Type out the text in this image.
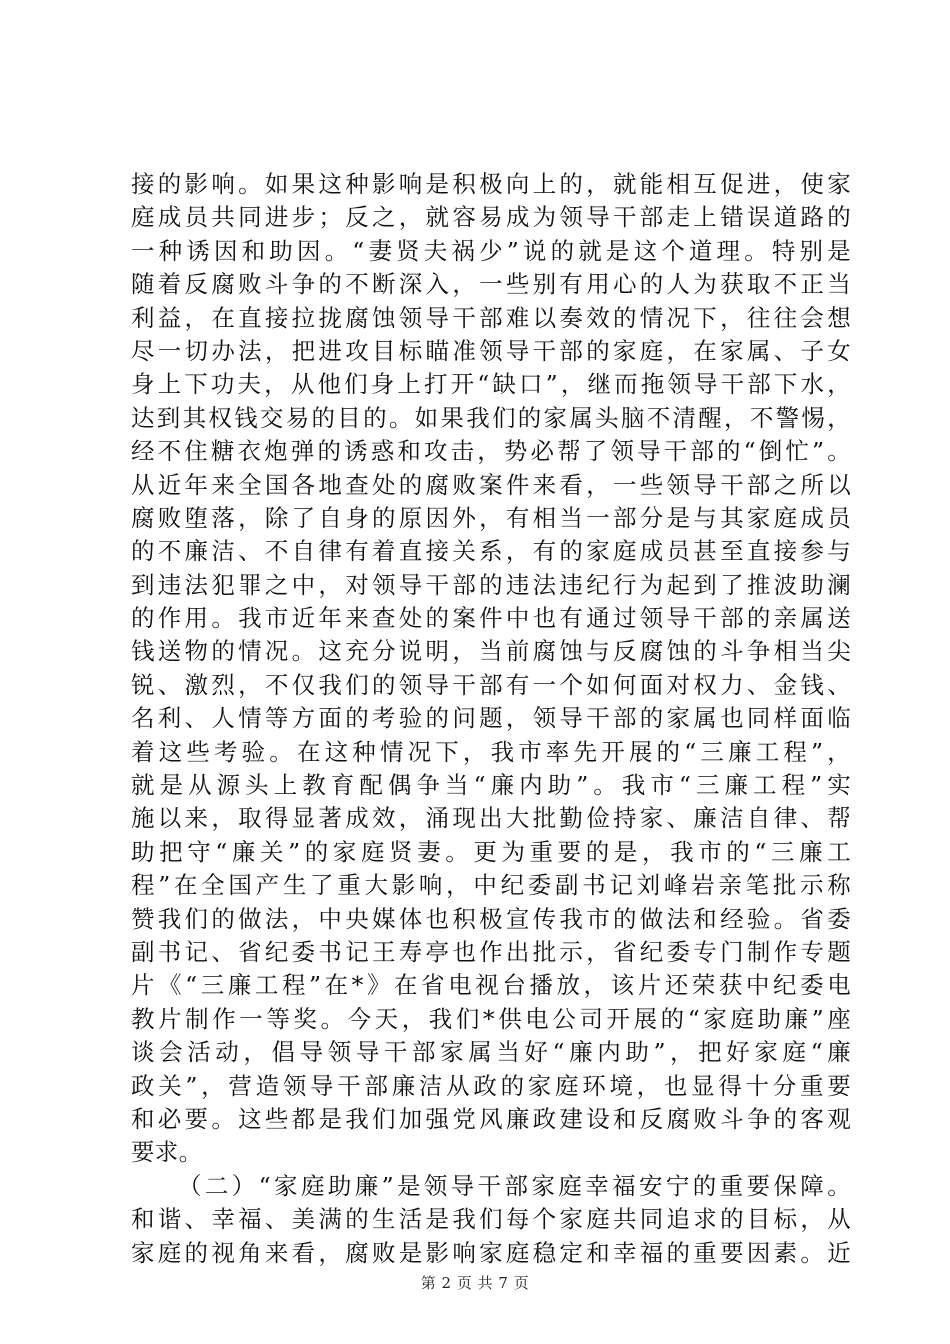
接的影响。如果这种影响是积极向上的，就能相互促进，使家
庭成员共同进步；反之，就容易成为领导干部走上错误道路的
一种诱因和助因。“妻贤夫祸少”说的就是这个道理。特别是
随着反腐败斗争的不断深入，一些别有用心的人为获取不正当
利益，在直接拉拢腐蚀领导干部难以奏效的情况下，往往会想
尽一切办法，把进攻目标瞄准领导干部的家庭，在家属、子女
身上下功夫，从他们身上打开“缺口”，继而拖领导干部下水，
达到其权钱交易的目的。如果我们的家属头脑不清醒，不警惕，
经不住糖衣炮弹的诱惑和攻击，势必帮了领导干部的“倒忙”。
从近年来全国各地查处的腐败案件来看，一些领导干部之所以
腐败堕落，除了自身的原因外，有相当一部分是与其家庭成员
的不廉洁、不自律有着直接关系，有的家庭成员甚至直接参与
到违法犯罪之中，对领导干部的违法违纪行为起到了推波助澜
的作用。我市近年来查处的案件中也有通过领导干部的亲属送
钱送物的情况。这充分说明，当前腐蚀与反腐蚀的斗争相当尖
锐、激烈，不仅我们的领导干部有一个如何面对权力、金钱、
名利、人情等方面的考验的问题，领导干部的家属也同样面临
着这些考验。在这种情况下，我市率先开展的“三廉工程”，
就是从源头上教育配偶争当“廉内助”。我市“三廉工程”实
施以来，取得显著成效，涌现出大批勤俭持家、廉洁自律、帮
助把守“廉关”的家庭贤妻。更为重要的是，我市的“三廉工
程”在全国产生了重大影响，中纪委副书记刘峰岩亲笔批示称
赞我们的做法，中央媒体也积极宣传我市的做法和经验。省委
副书记、省纪委书记王寿亭也作出批示，省纪委专门制作专题
片《“三廉工程”在*》在省电视台播放，该片还荣获中纪委电
教片制作一等奖。今天，我们*供电公司开展的“家庭助廉”座
谈会活动，倡导领导干部家属当好“廉内助”，把好家庭“廉
政关”，营造领导干部廉洁从政的家庭环境，也显得十分重要
和必要。这些都是我们加强党风廉政建设和反腐败斗争的客观
要求。
（二）“家庭助廉”是领导干部家庭幸福安宁的重要保障。
和谐、幸福、美满的生活是我们每个家庭共同追求的目标，从
家庭的视角来看，腐败是影响家庭稳定和幸福的重要因素。近
第 2 页 共 7 页
